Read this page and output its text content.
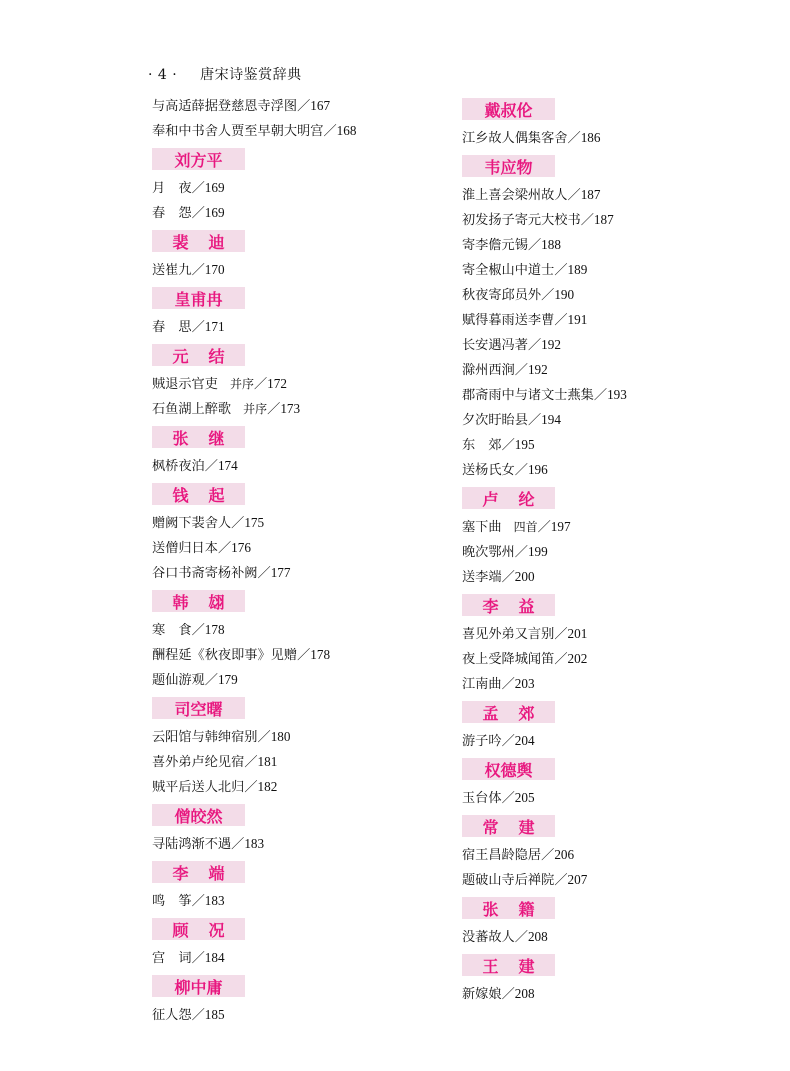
· 4 · 唐宋诗鉴赏辞典
与高适薛据登慈恩寺浮图／167
奉和中书舍人贾至早朝大明宫／168
刘方平
月　夜／169
春　怨／169
裴迪
送崔九／170
皇甫冉
春　思／171
元结
贼退示官吏 并序／172
石鱼湖上醉歌 并序／173
张继
枫桥夜泊／174
钱起
赠阙下裴舍人／175
送僧归日本／176
谷口书斋寄杨补阙／177
韩翃
寒　食／178
酬程延《秋夜即事》见赠／178
题仙游观／179
司空曙
云阳馆与韩绅宿别／180
喜外弟卢纶见宿／181
贼平后送人北归／182
僧皎然
寻陆鸿渐不遇／183
李端
鸣　筝／183
顾况
宫　词／184
柳中庸
征人怨／185
戴叔伦
江乡故人偶集客舍／186
韦应物
淮上喜会梁州故人／187
初发扬子寄元大校书／187
寄李儋元锡／188
寄全椒山中道士／189
秋夜寄邱员外／190
赋得暮雨送李曹／191
长安遇冯著／192
滁州西涧／192
郡斋雨中与诸文士燕集／193
夕次盱眙县／194
东　郊／195
送杨氏女／196
卢纶
塞下曲 四首／197
晚次鄂州／199
送李端／200
李益
喜见外弟又言别／201
夜上受降城闻笛／202
江南曲／203
孟郊
游子吟／204
权德舆
玉台体／205
常建
宿王昌龄隐居／206
题破山寺后禅院／207
张籍
没蕃故人／208
王建
新嫁娘／208
